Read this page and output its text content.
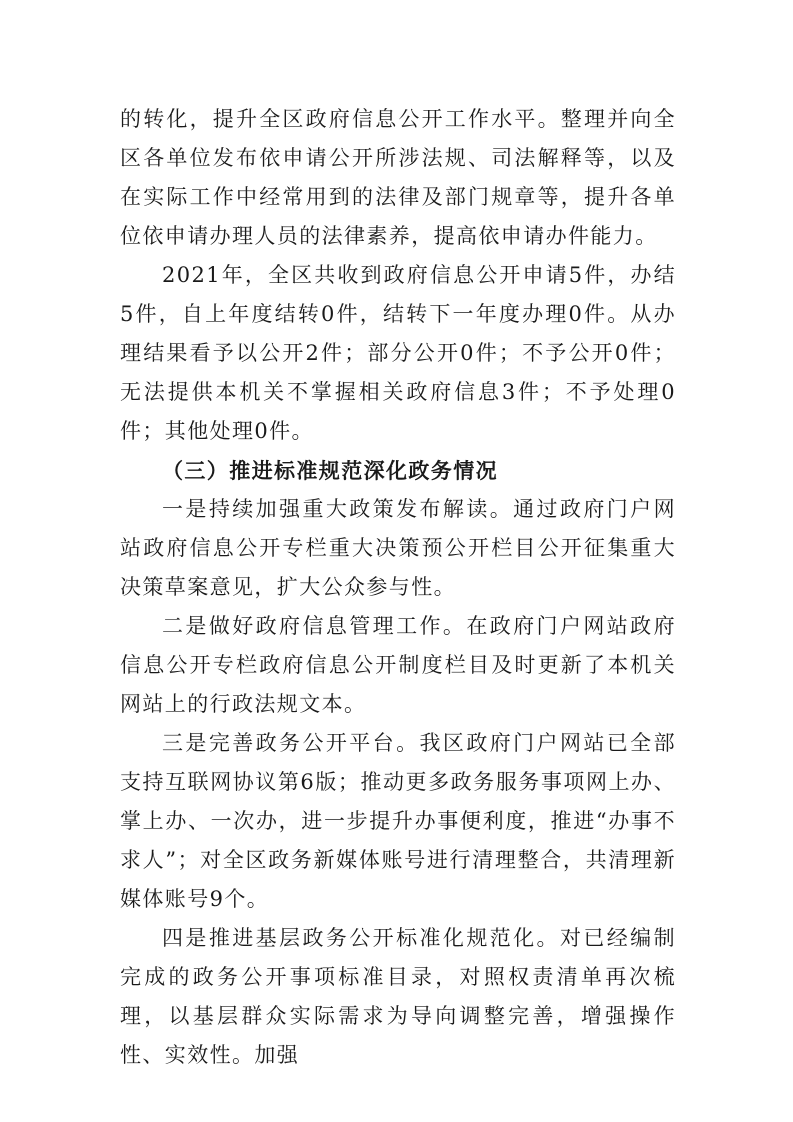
的转化，提升全区政府信息公开工作水平。整理并向全区各单位发布依申请公开所涉法规、司法解释等，以及在实际工作中经常用到的法律及部门规章等，提升各单位依申请办理人员的法律素养，提高依申请办件能力。

2021年，全区共收到政府信息公开申请5件，办结5件，自上年度结转0件，结转下一年度办理0件。从办理结果看予以公开2件；部分公开0件；不予公开0件；无法提供本机关不掌握相关政府信息3件；不予处理0件；其他处理0件。

（三）推进标准规范深化政务情况

一是持续加强重大政策发布解读。通过政府门户网站政府信息公开专栏重大决策预公开栏目公开征集重大决策草案意见，扩大公众参与性。

二是做好政府信息管理工作。在政府门户网站政府信息公开专栏政府信息公开制度栏目及时更新了本机关网站上的行政法规文本。

三是完善政务公开平台。我区政府门户网站已全部支持互联网协议第6版；推动更多政务服务事项网上办、掌上办、一次办，进一步提升办事便利度，推进“办事不求人”；对全区政务新媒体账号进行清理整合，共清理新媒体账号9个。

四是推进基层政务公开标准化规范化。对已经编制完成的政务公开事项标准目录，对照权责清单再次梳理，以基层群众实际需求为导向调整完善，增强操作性、实效性。加强
